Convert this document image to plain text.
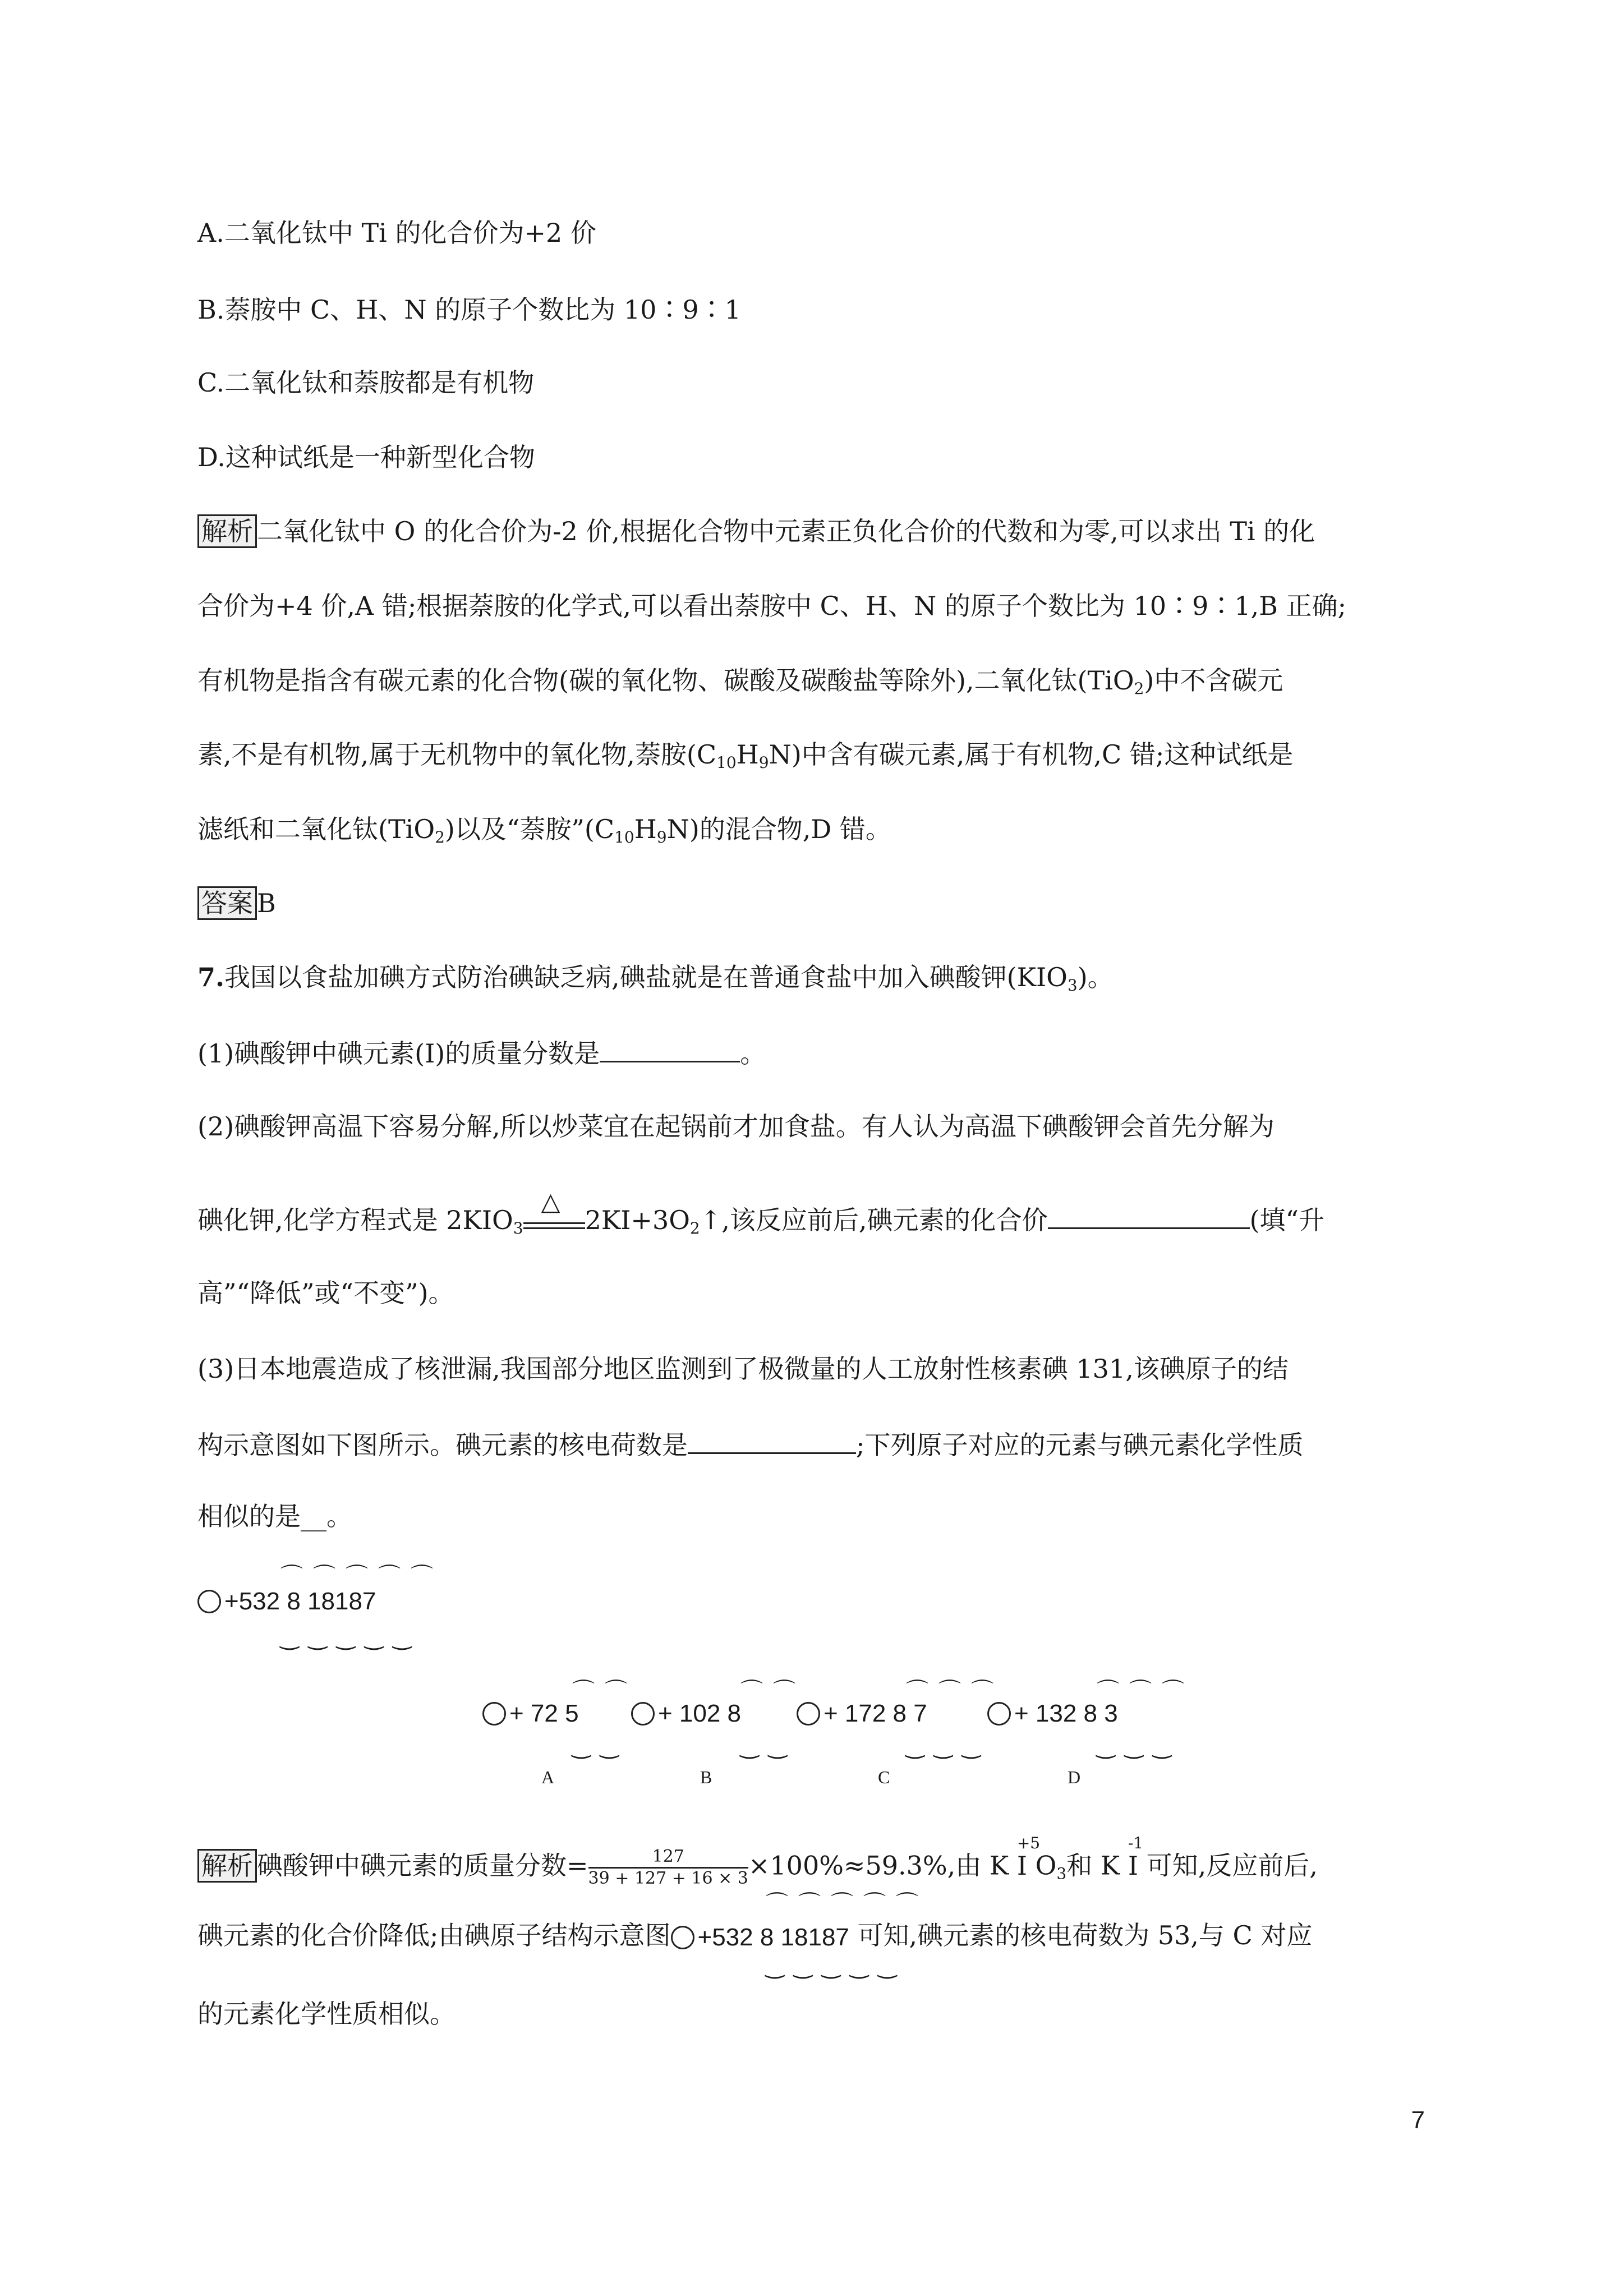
A.二氧化钛中 Ti 的化合价为+2 价
B.萘胺中 C、H、N 的原子个数比为 10∶9∶1
C.二氧化钛和萘胺都是有机物
D.这种试纸是一种新型化合物
解析 二氧化钛中 O 的化合价为-2 价,根据化合物中元素正负化合价的代数和为零,可以求出 Ti 的化
合价为+4 价,A 错;根据萘胺的化学式,可以看出萘胺中 C、H、N 的原子个数比为 10∶9∶1,B 正确;
有机物是指含有碳元素的化合物(碳的氧化物、碳酸及碳酸盐等除外),二氧化钛(TiO$_2$)中不含碳元
素,不是有机物,属于无机物中的氧化物,萘胺$(C_{10}H_9N)$中含有碳元素,属于有机物,C 错;这种试纸是
滤纸和二氧化钛(TiO$_2$)以及“萘胺$”(C_{10}H_9N)$的混合物,D 错。
答案 B
7.我国以食盐加碘方式防治碘缺乏病,碘盐就是在普通食盐中加入碘酸钾$(KIO_3)$。
(1)碘酸钾中碘元素(I)的质量分数是	。
(2)碘酸钾高温下容易分解,所以炒菜宜在起锅前才加食盐。有人认为高温下碘酸钾会首先分解为
碘化钾,化学方程式是 $2KIO_3$
△
$2KI+3O_2↑$,该反应前后,碘元素的化合价	(填“升
高”“降低”或“不变”)。
(3)日本地震造成了核泄漏,我国部分地区监测到了极微量的人工放射性核素碘 131,该碘原子的结
构示意图如下图所示。碘元素的核电荷数是	;下列原子对应的元素与碘元素化学性质
相似的是__。
⌒⌒⌒⌒⌒
+532 8 18187
‿‿‿‿‿
⌒⌒
+ 72 5
‿‿
A
⌒⌒
+ 102 8
‿‿
B
⌒⌒⌒
+ 172 8 7
‿‿‿
C
⌒⌒⌒
+ 132 8 3
‿‿‿
D
解析 碘酸钾中碘元素的质量分数= $\frac{127}{39 + 127 + 16 \times 3} \times 100\%\approx 59.3\%$,由 K
+5
I $O_3$和 K
-1
I 可知,反应前后,
⌒⌒⌒⌒⌒
碘元素的化合价降低;由碘原子结构示意图 +532 8 18187 可知,碘元素的核电荷数为 53,与 C 对应
‿‿‿‿‿
的元素化学性质相似。
7
